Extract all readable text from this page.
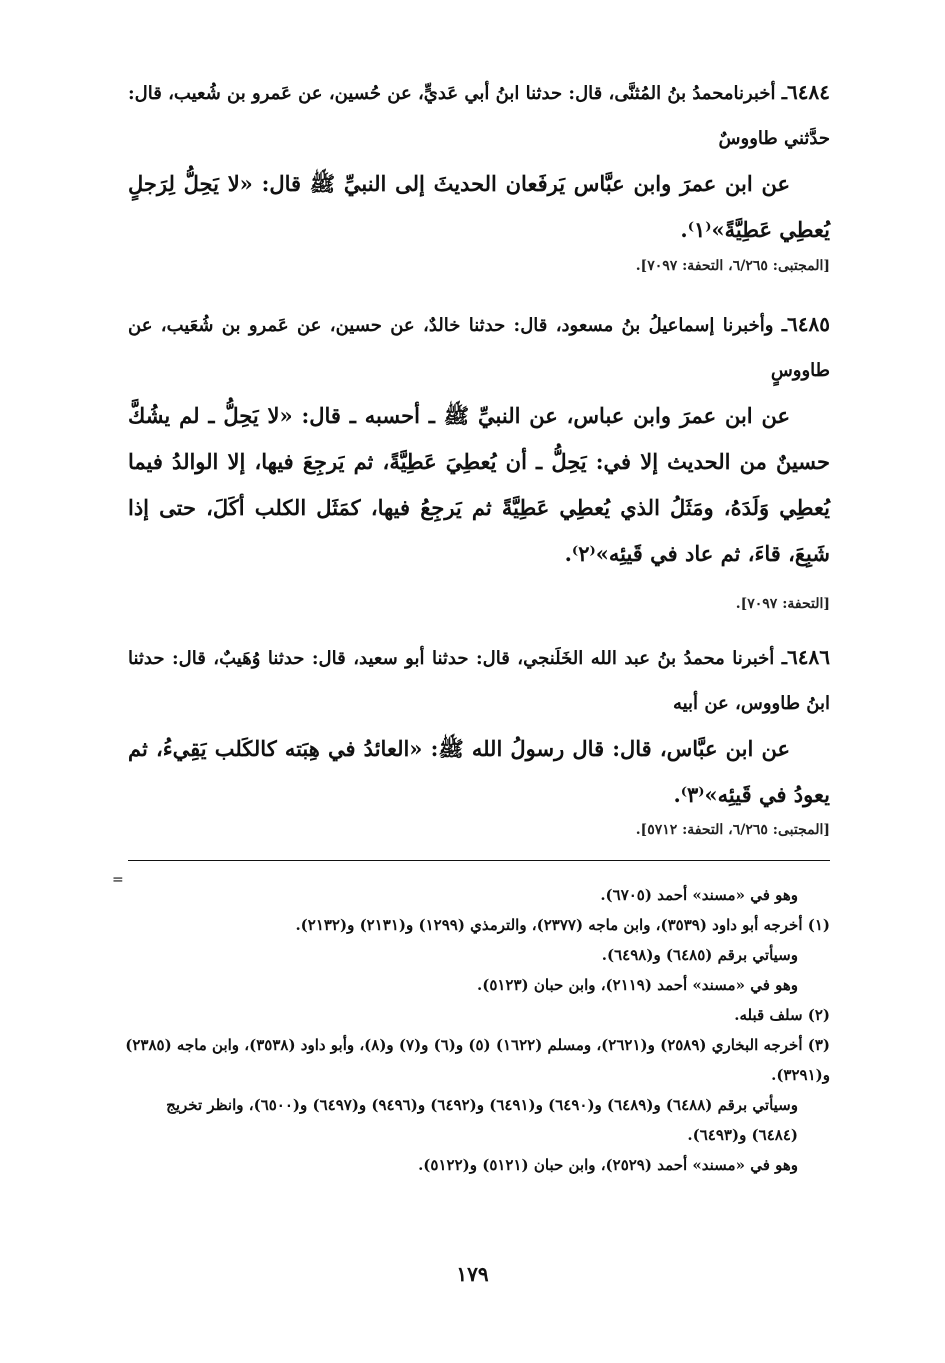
٦٤٨٤ـ أخبرنامحمدُ بنُ المُثنَّى، قال: حدثنا ابنُ أبي عَديٍّ، عن حُسين، عن عَمرو بن شُعيب، قال: حدَّثني طاووسٌ
عن ابن عمرَ وابن عبَّاس يَرفَعان الحديثَ إلى النبيِّ ﷺ قال: «لا يَحِلُّ لِرَجلٍ يُعطِي عَطِيَّةً»⁽١⁾.
[المجتبى: ٦/٢٦٥، التحفة: ٧٠٩٧].
٦٤٨٥ـ وأخبرنا إسماعيلُ بنُ مسعود، قال: حدثنا خالدٌ، عن حسين، عن عَمرو بن شُعَيب، عن طاووسٍ
عن ابن عمرَ وابن عباس، عن النبيِّ ﷺ ـ أحسبه ـ قال: «لا يَحِلُّ ـ لم يشُكَّ حسينٌ من الحديث إلا في: يَحِلُّ ـ أن يُعطِيَ عَطِيَّةً، ثم يَرجِعَ فيها، إلا الوالدُ فيما يُعطِي وَلَدَهُ، ومَثَلُ الذي يُعطِي عَطِيَّةً ثم يَرجِعُ فيها، كمَثَل الكلب أكَلَ، حتى إذا شَبِعَ، قاءَ، ثم عاد في قَيئِه»⁽٢⁾.
[التحفة: ٧٠٩٧].
٦٤٨٦ـ أخبرنا محمدُ بنُ عبد الله الخَلَنجي، قال: حدثنا أبو سعيد، قال: حدثنا وُهَيبٌ، قال: حدثنا ابنُ طاووس، عن أبيه
عن ابن عبَّاس، قال: قال رسولُ الله ﷺ: «العائدُ في هِبَته كالكَلب يَقِيءُ، ثم يعودُ في قَيئِه»⁽٣⁾.
[المجتبى: ٦/٢٦٥، التحفة: ٥٧١٢].
=

وهو في «مسند» أحمد (٦٧٠٥).

(١) أخرجه أبو داود (٣٥٣٩)، وابن ماجه (٢٣٧٧)، والترمذي (١٢٩٩) و(٢١٣١) و(٢١٣٢).

وسيأتي برقم (٦٤٨٥) و(٦٤٩٨).

وهو في «مسند» أحمد (٢١١٩)، وابن حبان (٥١٢٣).

(٢) سلف قبله.

(٣) أخرجه البخاري (٢٥٨٩) و(٢٦٢١)، ومسلم (١٦٢٢) (٥) و(٦) و(٧) و(٨)، وأبو داود (٣٥٣٨)، وابن ماجه (٢٣٨٥) و(٣٢٩١).

وسيأتي برقم (٦٤٨٨) و(٦٤٨٩) و(٦٤٩٠) و(٦٤٩١) و(٦٤٩٢) و(٩٤٩٦) و(٦٤٩٧) و(٦٥٠٠)، وانظر تخريج (٦٤٨٤) و(٦٤٩٣).

وهو في «مسند» أحمد (٢٥٢٩)، وابن حبان (٥١٢١) و(٥١٢٢).

١٧٩
